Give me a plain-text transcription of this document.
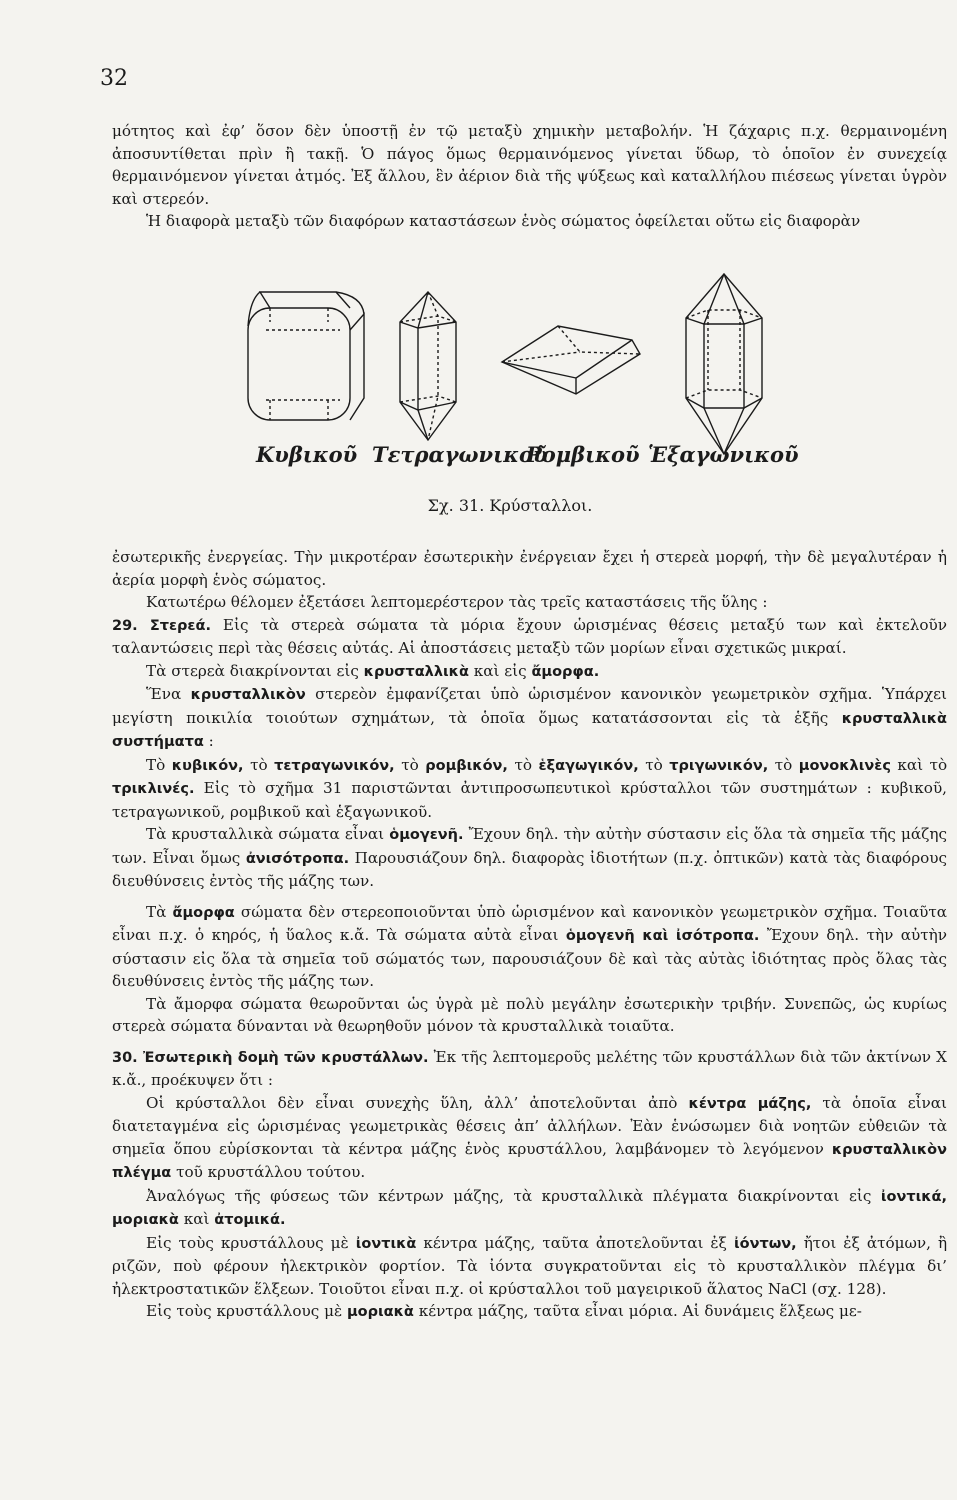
32

μότητος καὶ ἐφ’ ὅσον δὲν ὑποστῇ ἐν τῷ μεταξὺ χημικὴν μεταβολήν. Ἡ ζάχαρις π.χ. θερμαινομένη ἀποσυντίθεται πρὶν ἢ τακῇ. Ὁ πάγος ὅμως θερμαινόμενος γίνεται ὕδωρ, τὸ ὁποῖον ἐν συνεχείᾳ θερμαινόμενον γίνεται ἀτμός. Ἐξ ἄλλου, ἓν ἀέριον διὰ τῆς ψύξεως καὶ καταλλήλου πιέσεως γίνεται ὑγρὸν καὶ στερεόν.

Ἡ διαφορὰ μεταξὺ τῶν διαφόρων καταστάσεων ἑνὸς σώματος ὀφείλεται οὕτω εἰς διαφορὰν

Κυβικοῦ Τετραγωνικοῦ
Ρομβικοῦ Ἑξαγωνικοῦ
Σχ. 31. Κρύσταλλοι.

ἐσωτερικῆς ἐνεργείας. Τὴν μικροτέραν ἐσωτερικὴν ἐνέργειαν ἔχει ἡ στερεὰ μορφή, τὴν δὲ μεγαλυτέραν ἡ ἀερία μορφὴ ἑνὸς σώματος.

Κατωτέρω θέλομεν ἐξετάσει λεπτομερέστερον τὰς τρεῖς καταστάσεις τῆς ὕλης :

29. Στερεά. Εἰς τὰ στερεὰ σώματα τὰ μόρια ἔχουν ὡρισμένας θέσεις μεταξύ των καὶ ἐκτελοῦν ταλαντώσεις περὶ τὰς θέσεις αὐτάς. Αἱ ἀποστάσεις μεταξὺ τῶν μορίων εἶναι σχετικῶς μικραί.

Τὰ στερεὰ διακρίνονται εἰς κρυσταλλικὰ καὶ εἰς ἄμορφα.

Ἕνα κρυσταλλικὸν στερεὸν ἐμφανίζεται ὑπὸ ὡρισμένον κανονικὸν γεωμετρικὸν σχῆμα. Ὑπάρχει μεγίστη ποικιλία τοιούτων σχημάτων, τὰ ὁποῖα ὅμως κατατάσσονται εἰς τὰ ἑξῆς κρυσταλλικὰ συστήματα :

Τὸ κυβικόν, τὸ τετραγωνικόν, τὸ ρομβικόν, τὸ ἑξαγωγικόν, τὸ τριγωνικόν, τὸ μονοκλινὲς καὶ τὸ τρικλινές. Εἰς τὸ σχῆμα 31 παριστῶνται ἀντιπροσωπευτικοὶ κρύσταλλοι τῶν συστημάτων : κυβικοῦ, τετραγωνικοῦ, ρομβικοῦ καὶ ἑξαγωνικοῦ.

Τὰ κρυσταλλικὰ σώματα εἶναι ὁμογενῆ. Ἔχουν δηλ. τὴν αὐτὴν σύστασιν εἰς ὅλα τὰ σημεῖα τῆς μάζης των. Εἶναι ὅμως ἀνισότροπα. Παρουσιάζουν δηλ. διαφορὰς ἰδιοτήτων (π.χ. ὀπτικῶν) κατὰ τὰς διαφόρους διευθύνσεις ἐντὸς τῆς μάζης των.

Τὰ ἄμορφα σώματα δὲν στερεοποιοῦνται ὑπὸ ὡρισμένον καὶ κανονικὸν γεωμετρικὸν σχῆμα. Τοιαῦτα εἶναι π.χ. ὁ κηρός, ἡ ὕαλος κ.ἄ. Τὰ σώματα αὐτὰ εἶναι ὁμογενῆ καὶ ἰσότροπα. Ἔχουν δηλ. τὴν αὐτὴν σύστασιν εἰς ὅλα τὰ σημεῖα τοῦ σώματός των, παρουσιάζουν δὲ καὶ τὰς αὐτὰς ἰδιότητας πρὸς ὅλας τὰς διευθύνσεις ἐντὸς τῆς μάζης των.

Τὰ ἄμορφα σώματα θεωροῦνται ὡς ὑγρὰ μὲ πολὺ μεγάλην ἐσωτερικὴν τριβήν. Συνεπῶς, ὡς κυρίως στερεὰ σώματα δύνανται νὰ θεωρηθοῦν μόνον τὰ κρυσταλλικὰ τοιαῦτα.

30. Ἐσωτερικὴ δομὴ τῶν κρυστάλλων. Ἐκ τῆς λεπτομεροῦς μελέτης τῶν κρυστάλλων διὰ τῶν ἀκτίνων X κ.ἄ., προέκυψεν ὅτι :

Οἱ κρύσταλλοι δὲν εἶναι συνεχὴς ὕλη, ἀλλ’ ἀποτελοῦνται ἀπὸ κέντρα μάζης, τὰ ὁποῖα εἶναι διατεταγμένα εἰς ὡρισμένας γεωμετρικὰς θέσεις ἀπ’ ἀλλήλων. Ἐὰν ἑνώσωμεν διὰ νοητῶν εὐθειῶν τὰ σημεῖα ὅπου εὑρίσκονται τὰ κέντρα μάζης ἑνὸς κρυστάλλου, λαμβάνομεν τὸ λεγόμενον κρυσταλλικὸν πλέγμα τοῦ κρυστάλλου τούτου.

Ἀναλόγως τῆς φύσεως τῶν κέντρων μάζης, τὰ κρυσταλλικὰ πλέγματα διακρίνονται εἰς ἰοντικά, μοριακὰ καὶ ἀτομικά.

Εἰς τοὺς κρυστάλλους μὲ ἰοντικὰ κέντρα μάζης, ταῦτα ἀποτελοῦνται ἐξ ἰόντων, ἤτοι ἐξ ἀτόμων, ἢ ριζῶν, ποὺ φέρουν ἠλεκτρικὸν φορτίον. Τὰ ἰόντα συγκρατοῦνται εἰς τὸ κρυσταλλικὸν πλέγμα δι’ ἠλεκτροστατικῶν ἕλξεων. Τοιοῦτοι εἶναι π.χ. οἱ κρύσταλλοι τοῦ μαγειρικοῦ ἅλατος NaCl (σχ. 128).

Εἰς τοὺς κρυστάλλους μὲ μοριακὰ κέντρα μάζης, ταῦτα εἶναι μόρια. Αἱ δυνάμεις ἕλξεως με-
